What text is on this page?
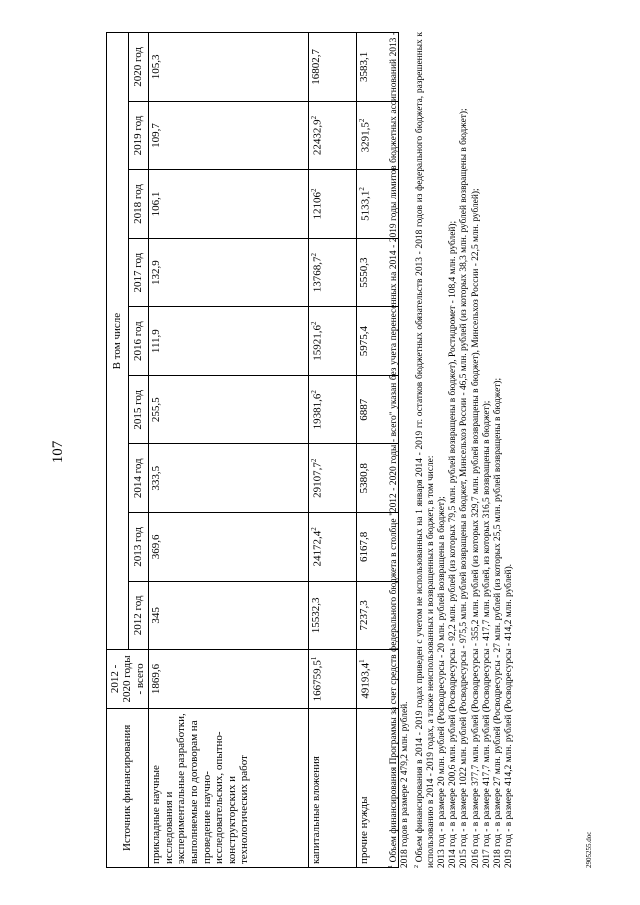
107
2905255.doc
Источник финансирования	2012 - 2020 годы - всего	В том числе								
		2012 год	2013 год	2014 год	2015 год	2016 год	2017 год	2018 год	2019 год	2020 год
прикладные научные исследования и экспериментальные разработки, выполняемые по договорам на проведение научно-исследовательских, опытно-конструкторских и технологических работ	1869,6	345	369,6	333,5	255,5	111,9	132,9	106,1	109,7	105,3
капитальные вложения	166759,5$^1$	15532,3	24172,4$^2$	29107,7$^2$	19381,6$^2$	15921,6$^2$	13768,7$^2$	12106$^2$	22432,9$^2$	16802,7
прочие нужды	49193,4$^1$	7237,3	6167,8	5380,8	6887	5975,4	5550,3	5133,1$^2$	3291,5$^2$	3583,1

$^1$ Объем финансирования Программы за счет средств федерального бюджета в столбце "2012 - 2020 годы - всего" указан без учета перенесенных на 2014 - 2019 годы лимитов бюджетных ассигнований 2013 - 2018 годов в размере 2 479,2 млн. рублей. $^2$ Объем финансирования в 2014 - 2019 годах приведен с учетом не использованных на 1 января 2014 - 2019 гг. остатков бюджетных обязательств 2013 - 2018 годов из федерального бюджета, разрешенных к использованию в 2014 - 2019 годах, а также неиспользованных и возвращенных в бюджет, в том числе: 2013 год - в размере 20 млн. рублей (Росводресурсы - 20 млн. рублей возвращены в бюджет); 2014 год - в размере 200,6 млн. рублей (Росводресурсы - 92,2 млн. рублей (из которых 79,5 млн. рублей возвращены в бюджет), Ростидромет - 108,4 млн. рублей); 2015 год - в размере 1022 млн. рублей (Росводресурсы - 975,5 млн. рублей возвращены в бюджет, Минсельхоз России - 46,5 млн. рублей (из которых 38,3 млн. рублей возвращены в бюджет); 2016 год - в размере 377,7 млн. рублей (Росводресурсы - 355,2 млн. рублей (из которых 329,7 млн. рублей возвращены в бюджет), Минсельхоз России - 22,5 млн. рублей); 2017 год - в размере 417,7 млн. рублей (Росводресурсы - 417,7 млн. рублей, из которых 316,5 возвращены в бюджет); 2018 год - в размере 27 млн. рублей (Росводресурсы - 27 млн. рублей (из которых 25,5 млн. рублей возвращены в бюджет); 2019 год - в размере 414,2 млн. рублей (Росводресурсы - 414,2 млн. рублей).
